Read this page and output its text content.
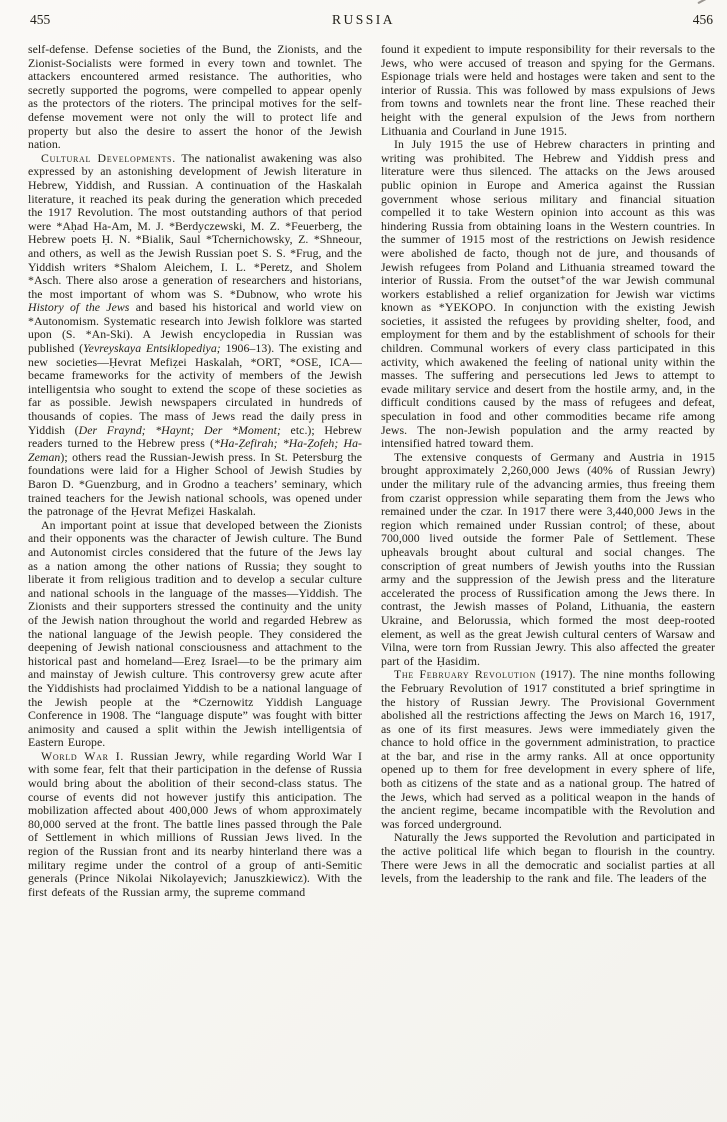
455	RUSSIA	456

self-defense. Defense societies of the Bund, the Zionists, and the Zionist-Socialists were formed in every town and townlet. The attackers encountered armed resistance. The authorities, who secretly supported the pogroms, were compelled to appear openly as the protectors of the rioters. The principal motives for the self-defense movement were not only the will to protect life and property but also the desire to assert the honor of the Jewish nation.

Cultural Developments. The nationalist awakening was also expressed by an astonishing development of Jewish literature in Hebrew, Yiddish, and Russian. A continuation of the Haskalah literature, it reached its peak during the generation which preceded the 1917 Revolution. The most outstanding authors of that period were *Aḥad Ha-Am, M. J. *Berdyczewski, M. Z. *Feuerberg, the Hebrew poets Ḥ. N. *Bialik, Saul *Tchernichowsky, Z. *Shneour, and others, as well as the Jewish Russian poet S. S. *Frug, and the Yiddish writers *Shalom Aleichem, I. L. *Peretz, and Sholem *Asch. There also arose a generation of researchers and historians, the most important of whom was S. *Dubnow, who wrote his History of the Jews and based his historical and world view on *Autonomism. Systematic research into Jewish folklore was started upon (S. *An-Ski). A Jewish encyclopedia in Russian was published (Yevreyskaya Entsiklopediya; 1906–13). The existing and new societies—Ḥevrat Mefiẓei Haskalah, *ORT, *OSE, ICA—became frameworks for the activity of members of the Jewish intelligentsia who sought to extend the scope of these societies as far as possible. Jewish newspapers circulated in hundreds of thousands of copies. The mass of Jews read the daily press in Yiddish (Der Fraynd; *Haynt; Der *Moment; etc.); Hebrew readers turned to the Hebrew press (*Ha-Ẓefirah; *Ha-Ẓofeh; Ha-Zeman); others read the Russian-Jewish press. In St. Petersburg the foundations were laid for a Higher School of Jewish Studies by Baron D. *Guenzburg, and in Grodno a teachers’ seminary, which trained teachers for the Jewish national schools, was opened under the patronage of the Ḥevrat Mefiẓei Haskalah.

An important point at issue that developed between the Zionists and their opponents was the character of Jewish culture. The Bund and Autonomist circles considered that the future of the Jews lay as a nation among the other nations of Russia; they sought to liberate it from religious tradition and to develop a secular culture and national schools in the language of the masses—Yiddish. The Zionists and their supporters stressed the continuity and the unity of the Jewish nation throughout the world and regarded Hebrew as the national language of the Jewish people. They considered the deepening of Jewish national consciousness and attachment to the historical past and homeland—Ereẓ Israel—to be the primary aim and mainstay of Jewish culture. This controversy grew acute after the Yiddishists had proclaimed Yiddish to be a national language of the Jewish people at the *Czernowitz Yiddish Language Conference in 1908. The “language dispute” was fought with bitter animosity and caused a split within the Jewish intelligentsia of Eastern Europe.

World War I. Russian Jewry, while regarding World War I with some fear, felt that their participation in the defense of Russia would bring about the abolition of their second-class status. The course of events did not however justify this anticipation. The mobilization affected about 400,000 Jews of whom approximately 80,000 served at the front. The battle lines passed through the Pale of Settlement in which millions of Russian Jews lived. In the region of the Russian front and its nearby hinterland there was a military regime under the control of a group of anti-Semitic generals (Prince Nikolai Nikolayevich; Januszkiewicz). With the first defeats of the Russian army, the supreme command

found it expedient to impute responsibility for their reversals to the Jews, who were accused of treason and spying for the Germans. Espionage trials were held and hostages were taken and sent to the interior of Russia. This was followed by mass expulsions of Jews from towns and townlets near the front line. These reached their height with the general expulsion of the Jews from northern Lithuania and Courland in June 1915.

In July 1915 the use of Hebrew characters in printing and writing was prohibited. The Hebrew and Yiddish press and literature were thus silenced. The attacks on the Jews aroused public opinion in Europe and America against the Russian government whose serious military and financial situation compelled it to take Western opinion into account as this was hindering Russia from obtaining loans in the Western countries. In the summer of 1915 most of the restrictions on Jewish residence were abolished de facto, though not de jure, and thousands of Jewish refugees from Poland and Lithuania streamed toward the interior of Russia. From the outset⁺of the war Jewish communal workers established a relief organization for Jewish war victims known as *YEKOPO. In conjunction with the existing Jewish societies, it assisted the refugees by providing shelter, food, and employment for them and by the establishment of schools for their children. Communal workers of every class participated in this activity, which awakened the feeling of national unity within the masses. The suffering and persecutions led Jews to attempt to evade military service and desert from the hostile army, and, in the difficult conditions caused by the mass of refugees and defeat, speculation in food and other commodities became rife among Jews. The non-Jewish population and the army reacted by intensified hatred toward them.

The extensive conquests of Germany and Austria in 1915 brought approximately 2,260,000 Jews (40% of Russian Jewry) under the military rule of the advancing armies, thus freeing them from czarist oppression while separating them from the Jews who remained under the czar. In 1917 there were 3,440,000 Jews in the region which remained under Russian control; of these, about 700,000 lived outside the former Pale of Settlement. These upheavals brought about cultural and social changes. The conscription of great numbers of Jewish youths into the Russian army and the suppression of the Jewish press and the literature accelerated the process of Russification among the Jews there. In contrast, the Jewish masses of Poland, Lithuania, the eastern Ukraine, and Belorussia, which formed the most deep-rooted element, as well as the great Jewish cultural centers of Warsaw and Vilna, were torn from Russian Jewry. This also affected the greater part of the Ḥasidim.

The February Revolution (1917). The nine months following the February Revolution of 1917 constituted a brief springtime in the history of Russian Jewry. The Provisional Government abolished all the restrictions affecting the Jews on March 16, 1917, as one of its first measures. Jews were immediately given the chance to hold office in the government administration, to practice at the bar, and rise in the army ranks. All at once opportunity opened up to them for free development in every sphere of life, both as citizens of the state and as a national group. The hatred of the Jews, which had served as a political weapon in the hands of the ancient regime, became incompatible with the Revolution and was forced underground.

Naturally the Jews supported the Revolution and participated in the active political life which began to flourish in the country. There were Jews in all the democratic and socialist parties at all levels, from the leadership to the rank and file. The leaders of the
